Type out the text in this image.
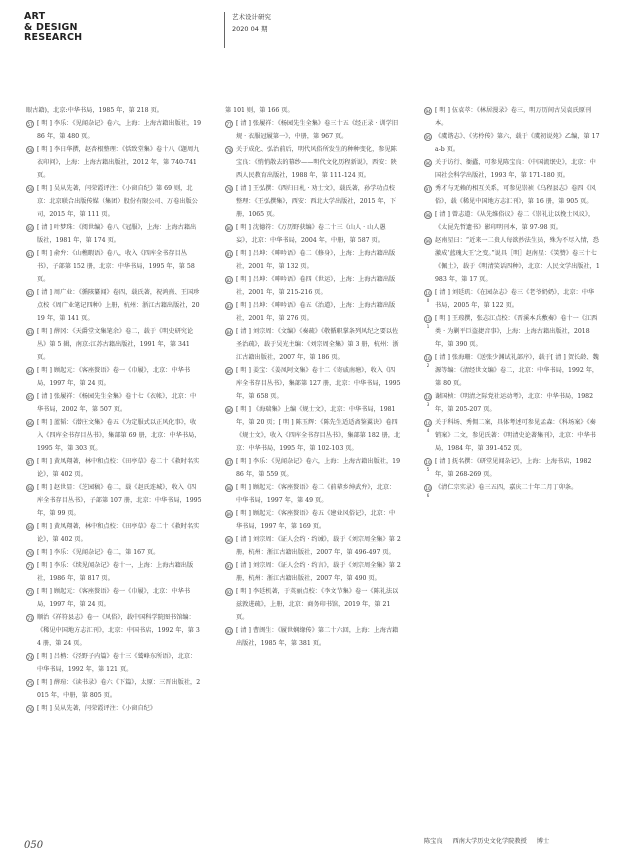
ART
& DESIGN
RESEARCH
艺术设计研究
2020 04 期

眼古籍)，北京:中华书局，1985 年，第 218 页。

57 [ 明 ] 李乐：《见闻杂记》卷六，上海：上海古籍出版社，1986 年，第 480 页。

58 [ 明 ] 李日华撰，赵杏根整理：《恬致堂集》卷十八《题周九衣印问》，上海：上海古籍出版社，2012 年，第 740-741 页。

59 [ 明 ] 吴从先著，闫荣霞评注：《小窗自纪》第 69 则，北京：北京联合出版传媒（集团）股份有限公司、万卷出版公司，2015 年，第 111 页。

60 [ 清 ] 叶梦珠：《阅世编》卷八《冠服》，上海：上海古籍出版社，1981 年，第 174 页。

61 [ 明 ] 俞弁：《山樵暇语》卷八，收入《四库全书存目丛书》，子部第 152 册，北京：中华书局，1995 年，第 58 页。

62 [ 清 ] 周广业：《循陔纂闻》卷四，载氏著，祝鸿熹、王国珍点校《周广业笔记四种》上册，杭州：浙江古籍出版社，2019 年，第 141 页。

63 [ 明 ] 薛冈：《天爵堂文集笔余》卷二，载于《明史研究论丛》第 5 辑，南京:江苏古籍出版社，1991 年，第 341 页。

64 [ 明 ] 顾起元：《客座赘语》卷一《巾履》，北京：中华书局，1997 年，第 24 页。

65 [ 清 ] 张履祥：《杨园先生全集》卷十七《衣帐》，北京：中华书局，2002 年，第 507 页。

66 [ 明 ] 蓝韬：《潜庄文集》卷五《为定服式以正风化事》，收入《四库全书存目丛书》，集部第 69 册，北京：中华书局，1995 年，第 303 页。

67 [ 明 ] 黄凤翔著，林中和点校：《田亭草》卷二十《救时名实论》，第 402 页。

68 [ 明 ] 赵世显：《芝园稿》卷二，载《赵氏连城》，收入《四库全书存目丛书》，子部第 107 册，北京：中华书局，1995 年，第 99 页。

69 [ 明 ] 黄凤翔著，林中和点校：《田亭草》卷二十《救时名实论》，第 402 页。

70 [ 明 ] 李乐：《见闻杂记》卷二，第 167 页。

71 [ 明 ] 李乐：《续见闻杂记》卷十一，上海：上海古籍出版社，1986 年，第 817 页。

72 [ 明 ] 顾起元：《客座赘语》卷一《巾履》，北京：中华书局，1997 年，第 24 页。

73 顺治《祥符县志》卷一《风俗》，载中国科学院图书馆编：《稀见中国地方志汇刊》，北京：中国书店，1992 年，第 34 册，第 24 页。

74 [ 明 ] 吕柟：《泾野子内篇》卷十三《鹫峰东所语》，北京：中华书局，1992 年，第 121 页。

75 [ 明 ] 薛瑄：《读书录》卷六《下篇》，太原：三晋出版社，2015 年，中册，第 805 页。

76 [ 明 ] 吴从先著，闫荣霞评注：《小窗自纪》

第 101 则，第 166 页。

77 [ 清 ] 张履祥：《杨园先生全集》卷三十五《经正录 · 训学旧规 · 衣服冠履第一》，中册，第 967 页。

78 关于成化、弘治前后，明代风俗所发生的种种变化，参见陈宝良：《悄悄散去的幕纱——明代文化历程新说》，西安：陕西人民教育出版社，1988 年，第 111-124 页。

79 [ 清 ] 王弘撰：《西归日札 · 劝士文》，载氏著，孙学功点校整理：《王弘撰集》，西安：西北大学出版社，2015 年，下册，1065 页。

80 [ 明 ] 沈德符：《万历野获编》卷二十三《山人 · 山人愚妄》，北京：中华书局，2004 年，中册，第 587 页。

81 [ 明 ] 吕坤：《呻吟语》卷二《修身》，上海：上海古籍出版社，2001 年，第 132 页。

82 [ 明 ] 吕坤：《呻吟语》卷四《世运》，上海：上海古籍出版社，2001 年，第 215-216 页。

83 [ 明 ] 吕坤：《呻吟语》卷五《治道》，上海：上海古籍出版社，2001 年，第 276 页。

84 [ 清 ] 刘宗周：《文编》《奏疏》《敬循职掌条列风纪之要以佐圣治疏》，载于吴光主编：《刘宗周全集》第 3 册，杭州：浙江古籍出版社，2007 年，第 186 页。

85 [ 明 ] 姜宝：《姜凤阿文集》卷十二《寄戚南塘》，收入《四库全书存目丛书》，集部第 127 册，北京：中华书局，1995 年，第 658 页。

86 [ 明 ] 《海瑞集》上编《规士文》，北京：中华书局，1981 年，第 20 页；[ 明 ] 陈玉辉：《陈先生适适斋鉴翼诀》卷四《规士文》，收入《四库全书存目丛书》，集部第 182 册，北京：中华书局，1995 年，第 102-103 页。

87 [ 明 ] 李乐：《见闻杂记》卷六，上海：上海古籍出版社，1986 年，第 559 页。

88 [ 明 ] 顾起元：《客座赘语》卷二《前辈乡绅武弁》，北京：中华书局，1997 年，第 49 页。

89 [ 明 ] 顾起元：《客座赘语》卷五《建业风俗记》，北京：中华书局，1997 年，第 169 页。

90 [ 清 ] 刘宗周：《证人会约 · 约诫》，载于《刘宗周全集》第 2 册，杭州：浙江古籍出版社，2007 年，第 496-497 页。

91 [ 清 ] 刘宗周：《证人会约 · 约言》，载于《刘宗周全集》第 2 册，杭州：浙江古籍出版社，2007 年，第 490 页。

92 [ 明 ] 李廷机著，于英丽点校：《李文节集》卷一《陈礼法以兹敦进疏》，上册，北京：商务印书馆，2019 年，第 21 页。

93 [ 清 ] 曹闽生：《履世娴缘传》第二十六回，上海：上海古籍出版社，1985 年，第 381 页。

94 [ 明 ] 伍袁萃：《林居漫录》卷三，明万历间古吴袁氏原刊本。

95 《虞谐志》、《劣柃传》第六，载于《虞初说苑》乙编，第 17a-b 页。

96 关于访行、衙蠹，可参见陈宝良：《中国流氓史》，北京：中国社会科学出版社，1993 年，第 171-180 页。

97 秀才与无赖的相互关系，可参见崇祯《乌程县志》卷四《风俗》，载《稀见中国地方志汇刊》，第 16 册，第 905 页。

98 [ 清 ] 曾志道：《从先维俗议》卷二《崇礼让以挽士风议》，《太昆先哲遗书》影印明刊本，第 97-98 页。

99 赵南星曰：“近来一二贵人每欲抄法生员，殊为不尽入情，恐激成‘蓝瑰大王’之变。”说具［明］赵南星：《笑赞》卷三十七《佩土》，载于《明清笑话四种》，北京：人民文学出版社，1983 年，第 17 页。

100
[ 清 ] 刘廷玑：《在园杂志》卷三《老爷奶奶》，北京：中华书局，2005 年，第 122 页。

101
[ 明 ] 王琼撰，张志江点校：《晋溪本兵敷奏》卷十一《江西类 · 为剿平巨盗捷音事》，上海：上海古籍出版社，2018 年，第 390 页。

102
[ 清 ] 张海珊：《送张少渊试礼部序》，载于[ 清 ] 贺长龄、魏源等编：《清经世文编》卷二，北京：中华书局，1992 年，第 80 页。

103
谢国桢：《明清之际党社运动考》，北京：中华书局，1982 年，第 205-207 页。

104
关于科场、秀佣二案，具体考述可参见孟森：《科场案》《奏销案》二文，参见氏著：《明清史论著集刊》，北京：中华书局，1984 年，第 391-452 页。

105
[ 清 ] 抚名撰：《研堂见闻杂记》，上海：上海书店，1982 年，第 268-269 页。

106
《清仁宗实录》卷三五四，嘉庆二十年二月丁卯条。

陈宝良 西南大学历史文化学院教授 博士
050
